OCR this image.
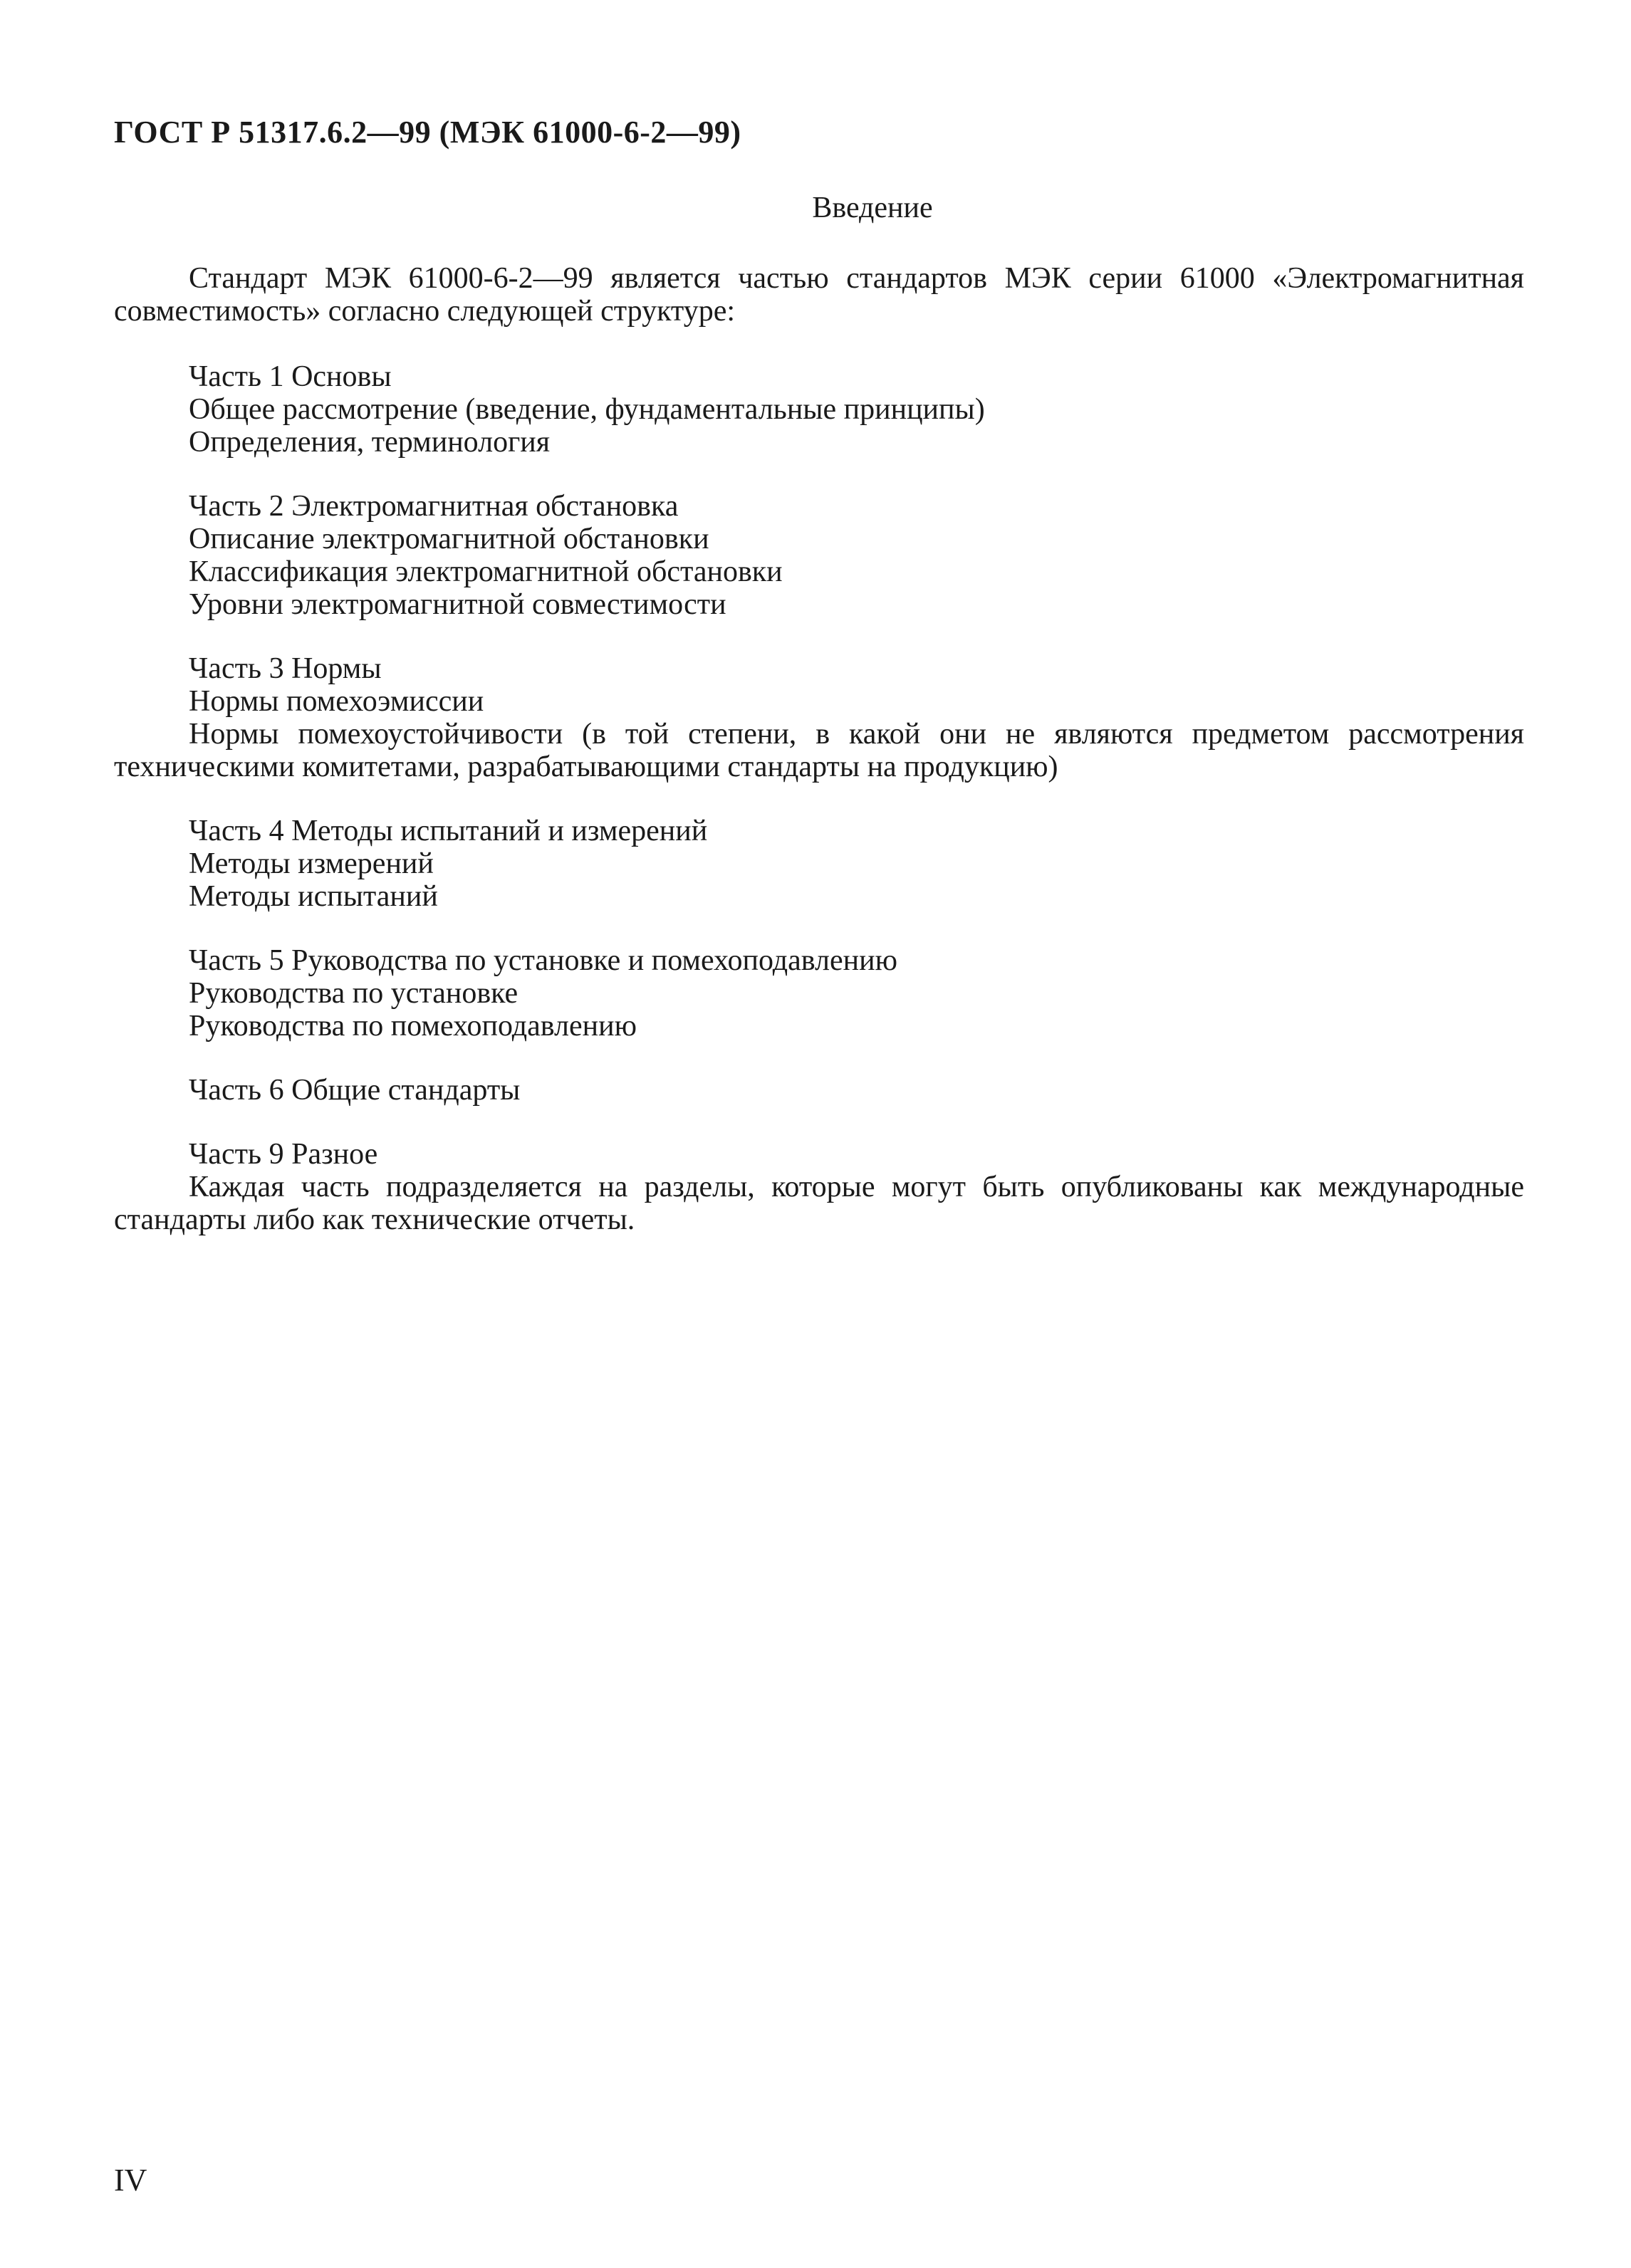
ГОСТ Р 51317.6.2—99 (МЭК 61000-6-2—99)
Введение

Стандарт МЭК 61000-6-2—99 является частью стандартов МЭК серии 61000 «Электромагнитная совместимость» согласно следующей структуре:

Часть 1 Основы
Общее рассмотрение (введение, фундаментальные принципы)
Определения, терминология
Часть 2 Электромагнитная обстановка
Описание электромагнитной обстановки
Классификация электромагнитной обстановки
Уровни электромагнитной совместимости
Часть 3 Нормы
Нормы помехоэмиссии
Нормы помехоустойчивости (в той степени, в какой они не являются предметом рассмотрения техническими комитетами, разрабатывающими стандарты на продукцию)
Часть 4 Методы испытаний и измерений
Методы измерений
Методы испытаний
Часть 5 Руководства по установке и помехоподавлению
Руководства по установке
Руководства по помехоподавлению
Часть 6 Общие стандарты
Часть 9 Разное
Каждая часть подразделяется на разделы, которые могут быть опубликованы как международные стандарты либо как технические отчеты.
IV
